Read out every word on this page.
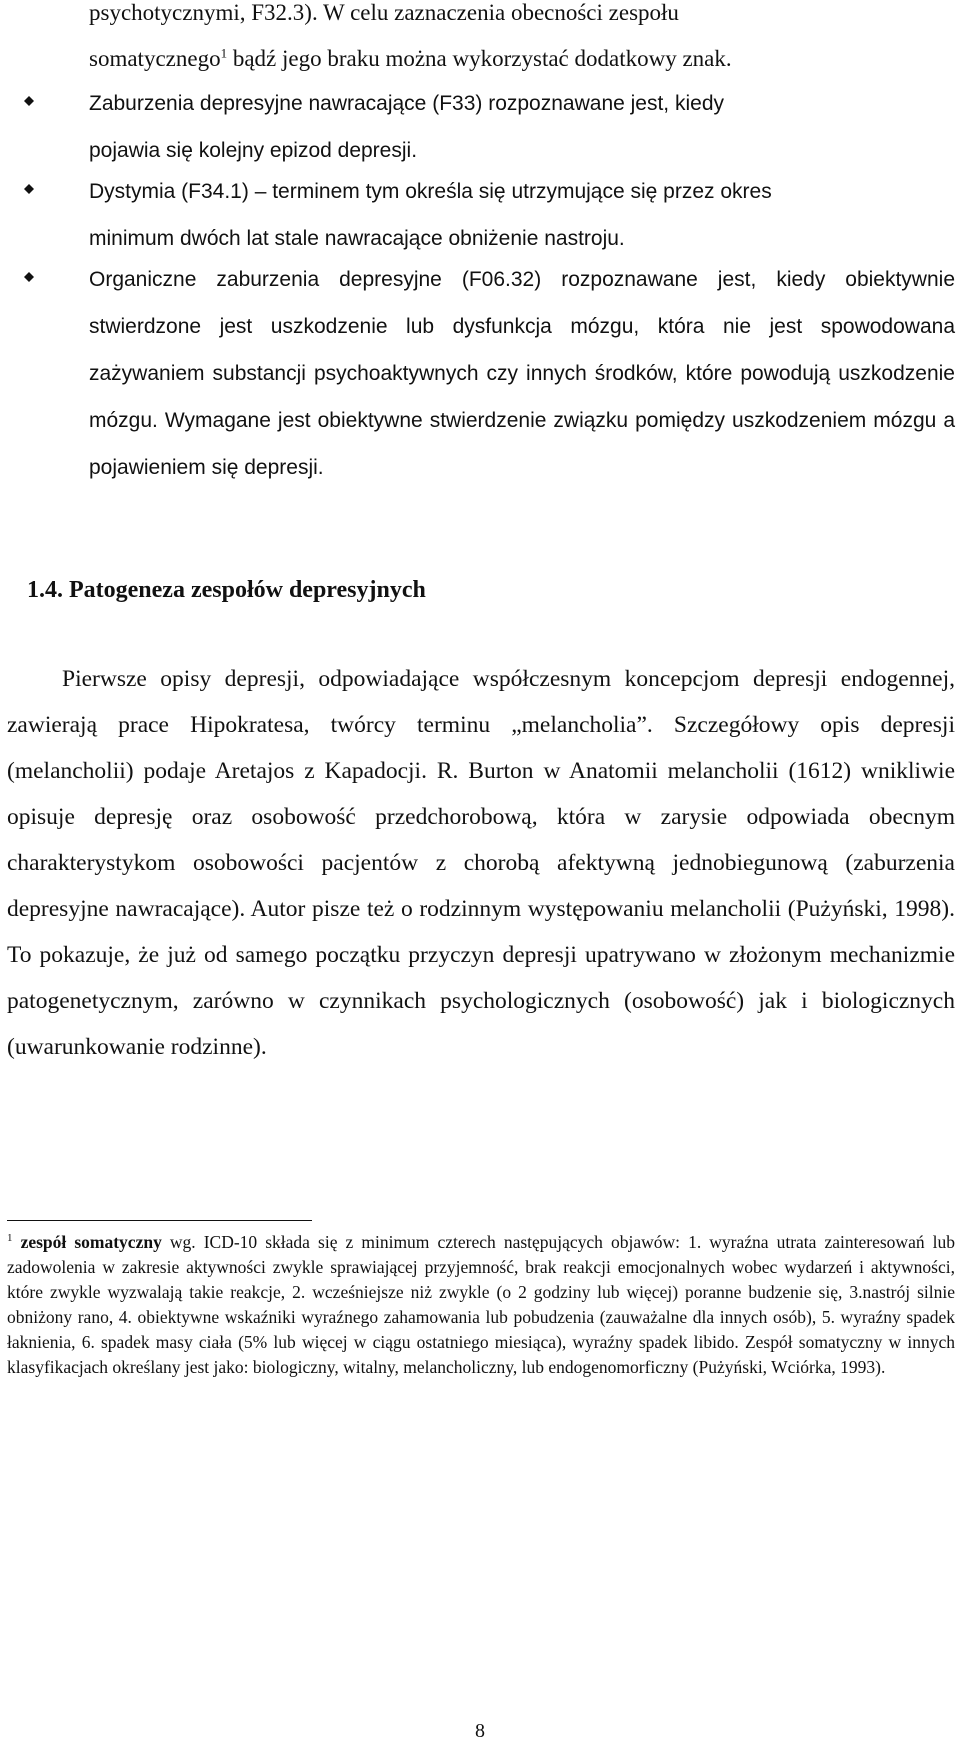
psychotycznymi, F32.3). W celu zaznaczenia obecności zespołu
somatycznego$^1$ bądź jego braku można wykorzystać dodatkowy znak.
Zaburzenia depresyjne nawracające (F33) rozpoznawane jest, kiedy
pojawia się kolejny epizod depresji.
Dystymia (F34.1) – terminem tym określa się utrzymujące się przez okres
minimum dwóch lat stale nawracające obniżenie nastroju.
Organiczne zaburzenia depresyjne (F06.32) rozpoznawane jest, kiedy obiektywnie stwierdzone jest uszkodzenie lub dysfunkcja mózgu, która nie jest spowodowana zażywaniem substancji psychoaktywnych czy innych środków, które powodują uszkodzenie mózgu. Wymagane jest obiektywne stwierdzenie związku pomiędzy uszkodzeniem mózgu a pojawieniem się depresji.
1.4. Patogeneza zespołów depresyjnych
Pierwsze opisy depresji, odpowiadające współczesnym koncepcjom depresji endogennej, zawierają prace Hipokratesa, twórcy terminu „melancholia”. Szczegółowy opis depresji (melancholii) podaje Aretajos z Kapadocji. R. Burton w Anatomii melancholii (1612) wnikliwie opisuje depresję oraz osobowość przedchorobową, która w zarysie odpowiada obecnym charakterystykom osobowości pacjentów z chorobą afektywną jednobiegunową (zaburzenia depresyjne nawracające). Autor pisze też o rodzinnym występowaniu melancholii (Pużyński, 1998). To pokazuje, że już od samego początku przyczyn depresji upatrywano w złożonym mechanizmie patogenetycznym, zarówno w czynnikach psychologicznych (osobowość) jak i biologicznych (uwarunkowanie rodzinne).
$^1$ zespół somatyczny wg. ICD-10 składa się z minimum czterech następujących objawów: 1. wyraźna utrata zainteresowań lub zadowolenia w zakresie aktywności zwykle sprawiającej przyjemność, brak reakcji emocjonalnych wobec wydarzeń i aktywności, które zwykle wyzwalają takie reakcje, 2. wcześniejsze niż zwykle (o 2 godziny lub więcej) poranne budzenie się, 3.nastrój silnie obniżony rano, 4. obiektywne wskaźniki wyraźnego zahamowania lub pobudzenia (zauważalne dla innych osób), 5. wyraźny spadek łaknienia, 6. spadek masy ciała (5% lub więcej w ciągu ostatniego miesiąca), wyraźny spadek libido. Zespół somatyczny w innych klasyfikacjach określany jest jako: biologiczny, witalny, melancholiczny, lub endogenomorficzny (Pużyński, Wciórka, 1993).
8
